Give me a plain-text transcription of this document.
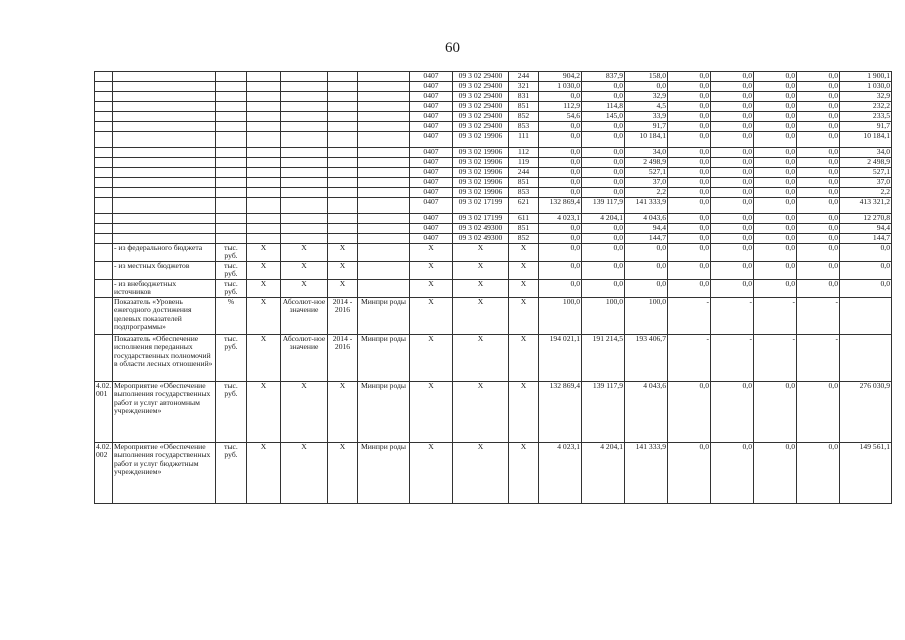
60
							0407	09 3 02 29400	244	904,2	837,9	158,0	0,0	0,0	0,0	0,0	1 900,1
							0407	09 3 02 29400	321	1 030,0	0,0	0,0	0,0	0,0	0,0	0,0	1 030,0
							0407	09 3 02 29400	831	0,0	0,0	32,9	0,0	0,0	0,0	0,0	32,9
							0407	09 3 02 29400	851	112,9	114,8	4,5	0,0	0,0	0,0	0,0	232,2
							0407	09 3 02 29400	852	54,6	145,0	33,9	0,0	0,0	0,0	0,0	233,5
							0407	09 3 02 29400	853	0,0	0,0	91,7	0,0	0,0	0,0	0,0	91,7
							0407	09 3 02 19906	111	0,0	0,0	10 184,1	0,0	0,0	0,0	0,0	10 184,1
							0407	09 3 02 19906	112	0,0	0,0	34,0	0,0	0,0	0,0	0,0	34,0
							0407	09 3 02 19906	119	0,0	0,0	2 498,9	0,0	0,0	0,0	0,0	2 498,9
							0407	09 3 02 19906	244	0,0	0,0	527,1	0,0	0,0	0,0	0,0	527,1
							0407	09 3 02 19906	851	0,0	0,0	37,0	0,0	0,0	0,0	0,0	37,0
							0407	09 3 02 19906	853	0,0	0,0	2,2	0,0	0,0	0,0	0,0	2,2
							0407	09 3 02 17199	621	132 869,4	139 117,9	141 333,9	0,0	0,0	0,0	0,0	413 321,2
							0407	09 3 02 17199	611	4 023,1	4 204,1	4 043,6	0,0	0,0	0,0	0,0	12 270,8
							0407	09 3 02 49300	851	0,0	0,0	94,4	0,0	0,0	0,0	0,0	94,4
							0407	09 3 02 49300	852	0,0	0,0	144,7	0,0	0,0	0,0	0,0	144,7
	- из федерального бюджета	тыс. руб.	X	X	X		X	X	X	0,0	0,0	0,0	0,0	0,0	0,0	0,0	0,0
	- из местных бюджетов	тыс. руб.	X	X	X		X	X	X	0,0	0,0	0,0	0,0	0,0	0,0	0,0	0,0
	- из внебюджетных источников	тыс. руб.	X	X	X		X	X	X	0,0	0,0	0,0	0,0	0,0	0,0	0,0	0,0
	Показатель «Уровень ежегодного достижения целевых показателей подпрограммы»	%	X	Абсолют-ное значение	2014 - 2016	Минпри роды	X	X	X	100,0	100,0	100,0	-	-	-	-	
	Показатель «Обеспечение исполнения переданных государственных полномочий в области лесных отношений»	тыс. руб.	X	Абсолют-ное значение	2014 - 2016	Минпри роды	X	X	X	194 021,1	191 214,5	193 406,7	-	-	-	-	
4.02. 001	Мероприятие «Обеспечение выполнения государственных работ и услуг автономным учреждением»	тыс. руб.	X	X	X	Минпри роды	X	X	X	132 869,4	139 117,9	4 043,6	0,0	0,0	0,0	0,0	276 030,9
4.02. 002	Мероприятие «Обеспечение выполнения государственных работ и услуг бюджетным учреждением»	тыс. руб.	X	X	X	Минпри роды	X	X	X	4 023,1	4 204,1	141 333,9	0,0	0,0	0,0	0,0	149 561,1
